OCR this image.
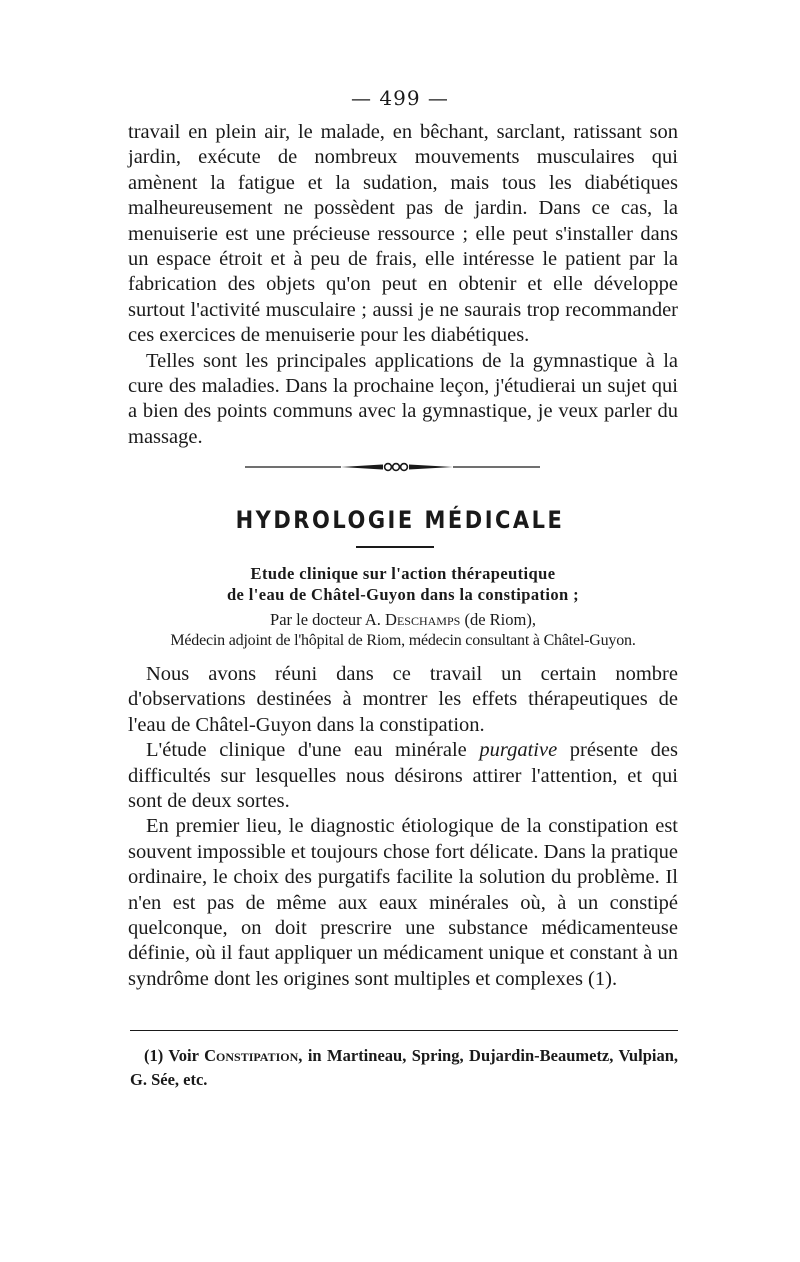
— 499 —

travail en plein air, le malade, en bêchant, sarclant, ratissant son jardin, exécute de nombreux mouvements musculaires qui amènent la fatigue et la sudation, mais tous les diabétiques malheureusement ne possèdent pas de jardin. Dans ce cas, la menuiserie est une précieuse ressource ; elle peut s'installer dans un espace étroit et à peu de frais, elle intéresse le patient par la fabrication des objets qu'on peut en obtenir et elle développe surtout l'activité musculaire ; aussi je ne saurais trop recommander ces exercices de menuiserie pour les diabétiques.

Telles sont les principales applications de la gymnastique à la cure des maladies. Dans la prochaine leçon, j'étudierai un sujet qui a bien des points communs avec la gymnastique, je veux parler du massage.

HYDROLOGIE MÉDICALE
Etude clinique sur l'action thérapeutique
de l'eau de Châtel-Guyon dans la constipation ;
Par le docteur A. Deschamps (de Riom),
Médecin adjoint de l'hôpital de Riom, médecin consultant à Châtel-Guyon.

Nous avons réuni dans ce travail un certain nombre d'observations destinées à montrer les effets thérapeutiques de l'eau de Châtel-Guyon dans la constipation.

L'étude clinique d'une eau minérale purgative présente des difficultés sur lesquelles nous désirons attirer l'attention, et qui sont de deux sortes.

En premier lieu, le diagnostic étiologique de la constipation est souvent impossible et toujours chose fort délicate. Dans la pratique ordinaire, le choix des purgatifs facilite la solution du problème. Il n'en est pas de même aux eaux minérales où, à un constipé quelconque, on doit prescrire une substance médicamenteuse définie, où il faut appliquer un médicament unique et constant à un syndrôme dont les origines sont multiples et complexes (1).

(1) Voir Constipation, in Martineau, Spring, Dujardin-Beaumetz, Vulpian, G. Sée, etc.
